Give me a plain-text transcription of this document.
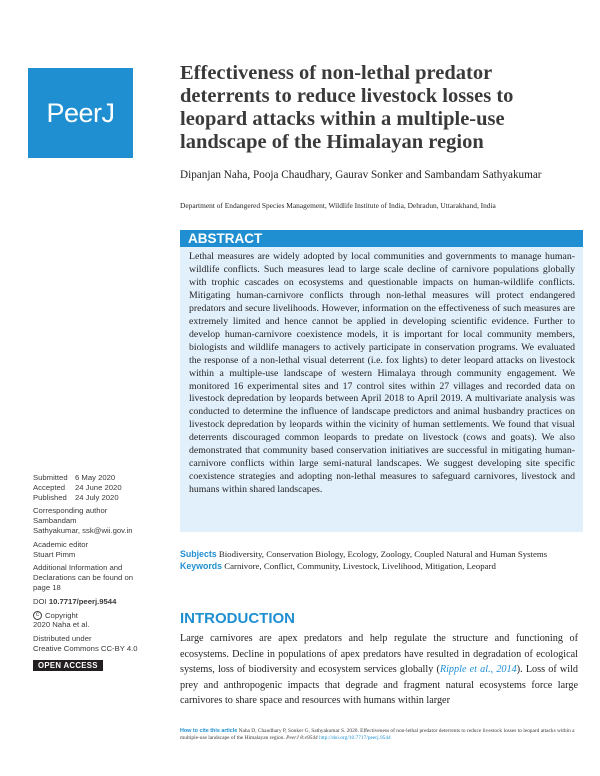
PeerJ
Effectiveness of non-lethal predator deterrents to reduce livestock losses to leopard attacks within a multiple-use landscape of the Himalayan region
Dipanjan Naha, Pooja Chaudhary, Gaurav Sonker and Sambandam Sathyakumar
Department of Endangered Species Management, Wildlife Institute of India, Dehradun, Uttarakhand, India
ABSTRACT

Lethal measures are widely adopted by local communities and governments to manage human-wildlife conflicts. Such measures lead to large scale decline of carnivore populations globally with trophic cascades on ecosystems and questionable impacts on human-wildlife conflicts. Mitigating human-carnivore conflicts through non-lethal measures will protect endangered predators and secure livelihoods. However, information on the effectiveness of such measures are extremely limited and hence cannot be applied in developing scientific evidence. Further to develop human-carnivore coexistence models, it is important for local community members, biologists and wildlife managers to actively participate in conservation programs. We evaluated the response of a non-lethal visual deterrent (i.e. fox lights) to deter leopard attacks on livestock within a multiple-use landscape of western Himalaya through community engagement. We monitored 16 experimental sites and 17 control sites within 27 villages and recorded data on livestock depredation by leopards between April 2018 to April 2019. A multivariate analysis was conducted to determine the influence of landscape predictors and animal husbandry practices on livestock depredation by leopards within the vicinity of human settlements. We found that visual deterrents discouraged common leopards to predate on livestock (cows and goats). We also demonstrated that community based conservation initiatives are successful in mitigating human-carnivore conflicts within large semi-natural landscapes. We suggest developing site specific coexistence strategies and adopting non-lethal measures to safeguard carnivores, livestock and humans within shared landscapes.

Subjects Biodiversity, Conservation Biology, Ecology, Zoology, Coupled Natural and Human Systems
Keywords Carnivore, Conflict, Community, Livestock, Livelihood, Mitigation, Leopard
INTRODUCTION

Large carnivores are apex predators and help regulate the structure and functioning of ecosystems. Decline in populations of apex predators have resulted in degradation of ecological systems, loss of biodiversity and ecosystem services globally (Ripple et al., 2014). Loss of wild prey and anthropogenic impacts that degrade and fragment natural ecosystems force large carnivores to share space and resources with humans within larger

Submitted 6 May 2020
Accepted	24 June 2020
Published	24 July 2020
Corresponding author
Sambandam
Sathyakumar, ssk@wii.gov.in
Academic editor
Stuart Pimm
Additional Information and
Declarations can be found on
page 18
DOI 10.7717/peerj.9544
c Copyright
2020 Naha et al.
Distributed under
Creative Commons CC-BY 4.0
OPEN ACCESS
How to cite this article Naha D, Chaudhary P, Sonker G, Sathyakumar S. 2020. Effectiveness of non-lethal predator deterrents to reduce livestock losses to leopard attacks within a multiple-use landscape of the Himalayan region. PeerJ 8:e9544 http://doi.org/10.7717/peerj.9544
